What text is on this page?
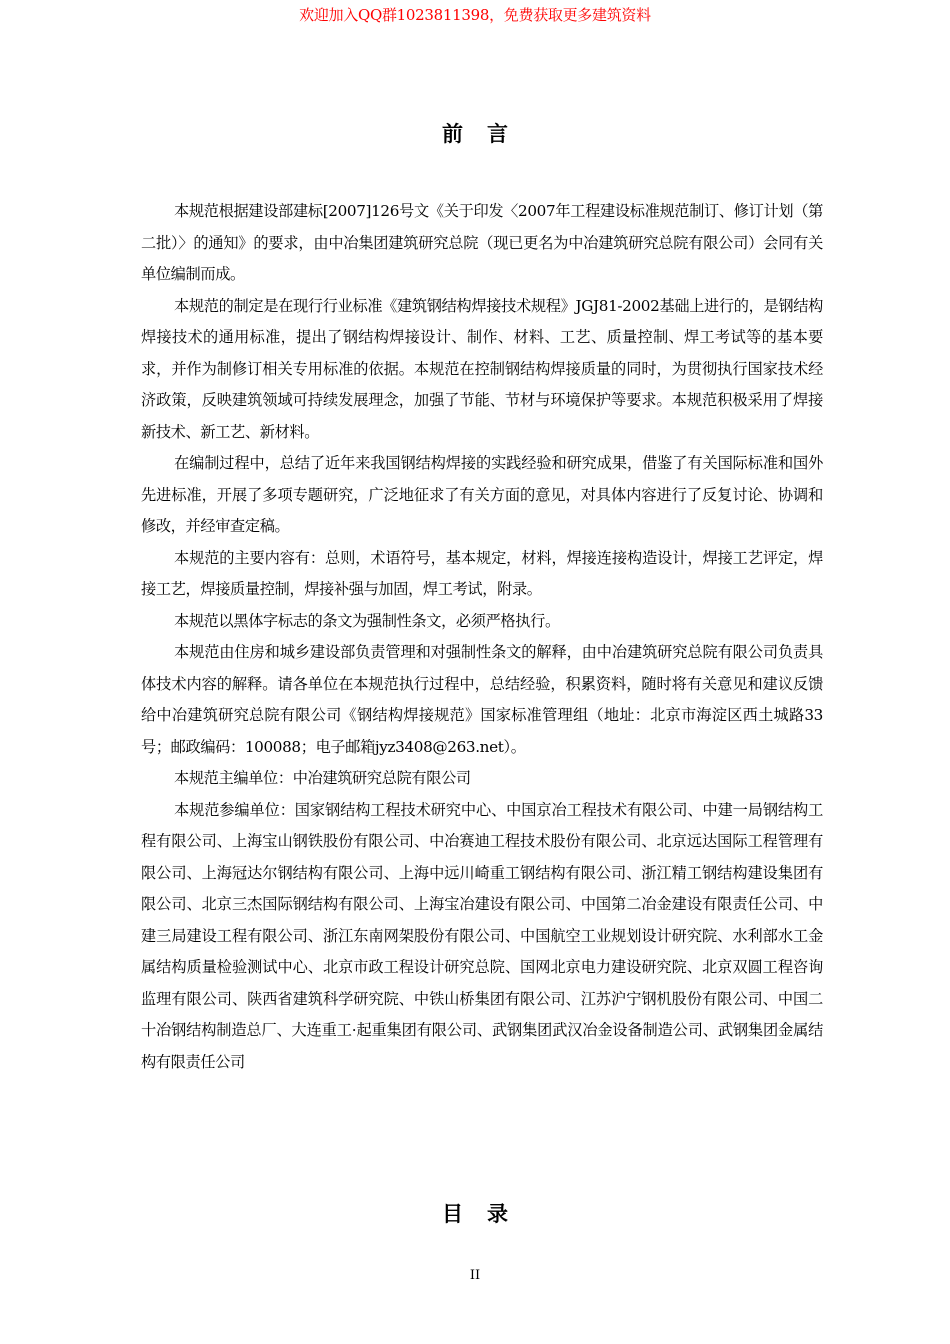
欢迎加入QQ群1023811398，免费获取更多建筑资料
前言

本规范根据建设部建标[2007]126号文《关于印发〈2007年工程建设标准规范制订、修订计划（第二批）〉的通知》的要求，由中冶集团建筑研究总院（现已更名为中冶建筑研究总院有限公司）会同有关单位编制而成。

本规范的制定是在现行行业标准《建筑钢结构焊接技术规程》JGJ81-2002基础上进行的，是钢结构焊接技术的通用标准，提出了钢结构焊接设计、制作、材料、工艺、质量控制、焊工考试等的基本要求，并作为制修订相关专用标准的依据。本规范在控制钢结构焊接质量的同时，为贯彻执行国家技术经济政策，反映建筑领域可持续发展理念，加强了节能、节材与环境保护等要求。本规范积极采用了焊接新技术、新工艺、新材料。

在编制过程中，总结了近年来我国钢结构焊接的实践经验和研究成果，借鉴了有关国际标准和国外先进标准，开展了多项专题研究，广泛地征求了有关方面的意见，对具体内容进行了反复讨论、协调和修改，并经审查定稿。

本规范的主要内容有：总则，术语符号，基本规定，材料，焊接连接构造设计，焊接工艺评定，焊接工艺，焊接质量控制，焊接补强与加固，焊工考试，附录。

本规范以黑体字标志的条文为强制性条文，必须严格执行。

本规范由住房和城乡建设部负责管理和对强制性条文的解释，由中冶建筑研究总院有限公司负责具体技术内容的解释。请各单位在本规范执行过程中，总结经验，积累资料，随时将有关意见和建议反馈给中冶建筑研究总院有限公司《钢结构焊接规范》国家标准管理组（地址：北京市海淀区西土城路33号；邮政编码：100088；电子邮箱jyz3408@263.net）。

本规范主编单位：中冶建筑研究总院有限公司

本规范参编单位：国家钢结构工程技术研究中心、中国京冶工程技术有限公司、中建一局钢结构工程有限公司、上海宝山钢铁股份有限公司、中冶赛迪工程技术股份有限公司、北京远达国际工程管理有限公司、上海冠达尔钢结构有限公司、上海中远川崎重工钢结构有限公司、浙江精工钢结构建设集团有限公司、北京三杰国际钢结构有限公司、上海宝冶建设有限公司、中国第二冶金建设有限责任公司、中建三局建设工程有限公司、浙江东南网架股份有限公司、中国航空工业规划设计研究院、水利部水工金属结构质量检验测试中心、北京市政工程设计研究总院、国网北京电力建设研究院、北京双圆工程咨询监理有限公司、陕西省建筑科学研究院、中铁山桥集团有限公司、江苏沪宁钢机股份有限公司、中国二十冶钢结构制造总厂、大连重工·起重集团有限公司、武钢集团武汉冶金设备制造公司、武钢集团金属结构有限责任公司

目录
II
